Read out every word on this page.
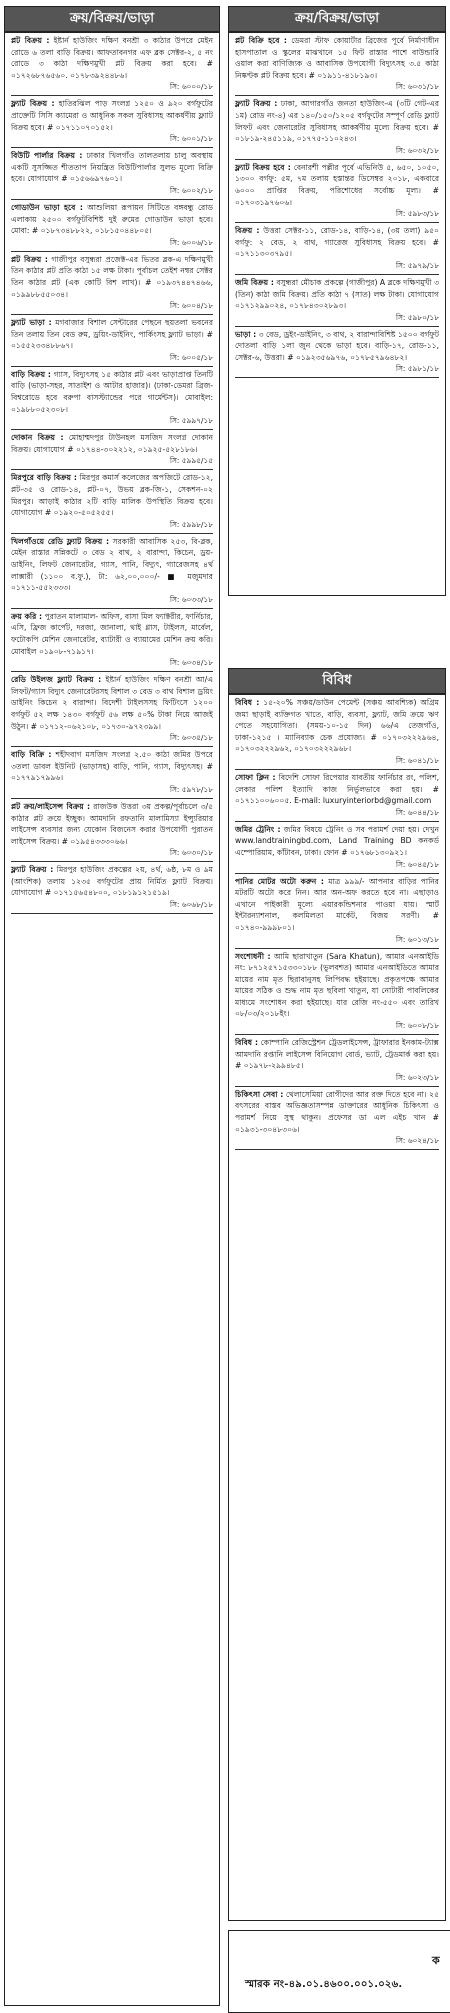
ক্রয়/বিক্রয়/ভাড়া
প্লট বিক্রয় : ইষ্টার্ন হাউজিং দক্ষিণ বনশ্রী ৩ কাঠার উপরে মেইন রোডে ৬ তলা বাড়ি বিক্রয়। আফতাবনগর এফ ব্লক সেক্টর-২, ৫ নং রোডে ৩ কাঠা দক্ষিণমুখী প্লট বিক্রয় করা হবে। # ০১৭২৬৮৭৬৫৬০. ০১৭৮৩৯২৪৪৮৬।
সি: ৬০০০/১৮
ফ্ল্যাট বিক্রয় : হাতিরঝিল পাড় সংলগ্ন ১২৫০ ও ৯২০ বর্গফুটের প্রাক্তেটি সিসি ক্যামেরা ও আধুনিক সকল সুবিধাসহ আকর্ষণীয় ফ্ল্যাট বিক্রয় হবে। # ০১৭১১০৭০১৫২।
সি: ৬০০১/১৮
বিউটি পার্লার বিক্রয় : ঢাকার খিলগাঁও তালতলায় চালু অবস্থায় একটি সুসজ্জিত শীততাপ নিয়ন্ত্রিত বিউটিপার্লার সুলভ মূল্যে বিক্রি হবে। যোগাযোগ # ০১৫৬৬৯৭৬০১।
সি: ৬০০২/১৮
গোডাউন ভাড়া হবে : আশুলিয়া রূপায়ন সিটিতে বঙ্গবন্ধু রোড এলাকায় ২৫০০ বর্গফুটবিশিষ্ট দুই রুমের গোডাউন ভাড়া হবে। মোবা: # ০১৮৭৩৪৮৮২২, ০১৮১৫০৪৪৮০৫।
সি: ৬০০৬/১৮
প্লট বিক্রয় : গাজীপুর বসুন্ধরা প্রজেক্ট-এর ভিতর ব্লক-এ দক্ষিণমুখী তিন কাঠার প্লট প্রতি কাঠা ১৫ লক্ষ টাকা। পূর্বাচল তেইশ নম্বর সেক্টর তিন কাঠার প্লট (এক কোটি বিশ লাখ)। # ০১৯৩৭৪৪৭৪৬৬, ০১৯৯৮৮৫৫০৩৪।
সি: ৬০০৪/১৮
ফ্ল্যাট ভাড়া : মগবাজার বিশাল সেন্টারের পেছনে ছয়তলা ভবনের তিন তলায় তিন বেড রুম, ড্রয়িং-ডাইনিং, পার্কিংসহ ফ্ল্যাট ভাড়া। # ০১৫৫২৩৩৪৮৮৬৭।
সি: ৬০০৫/১৮
বাড়ি বিক্রয় : গ্যাস, বিদ্যুৎসহ ১৫ কাঠার প্লট এবং ভাড়াপ্রাপ্ত তিনটি বাড়ি (ভাড়া-সহর, সাতাইশ ও আটার হাজার)। (ঢাকা-ডেমরা ব্রিজ-বিশ্বরোডে হবে বরুপা বাসস্ট্যান্ডের পরে গার্মেন্টস)। মোবাইল: ০১৯৮৮০৫২৩০৮।
সি: ৫৯৯৭/১৮
দোকান বিক্রয় : মোহাম্মদপুর টাউনহল মসজিদ সংলগ্ন দোকান বিক্রয়। যোগাযোগ # ০১৭৪৪-৩০২২১২, ০১৯২৫-৫২৮১৮৬।
সি: ৫৯৯৫/১৫
মিরপুরে বাড়ি বিক্রয় : মিরপুর কমার্স কলেজের অপজিটে রোড-১২, প্লট-৩৫ ও রোড-১৪, প্লট-০৭, উভয় ব্লক-জি-১, সেকশন-০২ মিরপুর। আড়াই কাঠার ২টি বাড়ি মালিক উপস্থিতি বিক্রয় হবে। যোগাযোগ # ০১৯২০-৫০৫২৫৫।
সি: ৫৯৯৮/১৮
খিলগাঁওয়ে রেডি ফ্ল্যাট বিক্রয় : সরকারী আবাসিক ২৫৩, বি-ব্লক, মেইন রাস্তার সন্নিকটে ৩ বেড ২ বাথ, ২ বারান্দা, কিচেন, ড্রয়-ডাইনিং, লিফট জেনারেটর, গ্যাস, পানি, বিদ্যুৎ, গ্যারেজসহ ৪র্থ লাক্সারী (১১০০ ব.ফু.), টা: ৬২,০০,০০০/- ■ মজুমদার ০১৭১১-৫৫২৩৩৩।
সি: ৬০৩৩/১৮
ক্রয় করি : পুরাতন মালামাল- অফিস, বাসা মিল ফ্যাক্টরীর, ফার্নিচার, এসি, ফ্রিজ কার্পেট, দরজা, জানালা, থাই গ্লাস, টাইলস, মার্বেল, ফটোকপি মেশিন জেনারেটর, ব্যাটারী ও ব্যায়ামের মেশিন ক্রয় করি। মোবাইল ০১৯০৮-৭১৯১৭।
সি: ৬০৩৪/১৮
রেডি উইলজ ফ্ল্যাট বিক্রয় : ইষ্টার্ন হাউজিং দক্ষিণ বনশ্রী আ/এ লিফট/গ্যাস বিদ্যুৎ জেনারেটরসহ বিশাল ৩ বেড ৩ বাথ বিশাল ড্রয়িং ডাইনিং কিচেন ২ বারান্দা। বিদেশী টাইলসসহ ফিটিংসে ১২০০ বর্গফুট ৫২ লক্ষ ১৪৩০ বর্গফুট ৫৬ লক্ষ ৫০% টাকা নিয়ে আজই উঠুন। # ০১৭১২-০৬২১০৮, ০১৭৩০-৯৭২৩৯৯।
সি: ৬০৩৫/১৮
বাড়ি বিক্রি : শহীদবাগ মসজিদ সংলগ্ন ২.৫০ কাঠা জমির উপরে ৩তলা ডাবল ইউনিট (ভাড়াসহ) বাড়ি, পানি, গ্যাস, বিদ্যুৎসহ। # ০১৭৭৯১৭৯৯৬।
সি: ৫৯৭৮/১৮
প্লট ক্রয়/লাইসেন্স বিক্রয় : রাজউক উত্তরা ৩য় প্রকল্প/পূর্বাচলে ৩/৫ কাঠার প্লট ক্রয়ে ইচ্ছুক। আমদানি রফতানি মালামিস্যা ইন্স্যুরিয়ার লাইসেন্স ব্যবসার জন্য যেকোন বিজনেস করার উপযোগী পুরাতন লাইসেন্স বিক্রয়। # ০১৯৫৪৩৩৩০৬৬।
সি: ৬০৩০/১৮
ফ্ল্যাট বিক্রয় : মিরপুর হাউজিং প্রকল্পের ২য়, ৪র্থ, ৬ষ্ঠ, ৮ম ও ৯ম (আংশিক) তলায় ১২৩৫ বর্গফুটের প্রায় নির্মিত ফ্ল্যাট বিক্রয়। যোগাযোগ # ০১৭১৫৬৫৪৮০০, ০১৮১৯১২১৫১৯।
সি: ৬০৬৮/১৮
ক্রয়/বিক্রয়/ভাড়া
প্লট বিক্রি হবে : ডেমরা স্টাফ কোয়ার্টার ব্রিজের পূর্বে নির্মাণাধীন হাসপাতাল ও স্কুলের মাঝখানে ১৫ ফিট রাস্তার পাশে বাউন্ডারি ওয়াল করা বাণিজ্যিক ও আবাসিক উপযোগী বিদ্যুৎসহ ৩.৫ কাঠা নিষ্কণ্টক প্লট বিক্রয় হবে। # ০১৯১১-৪১৮১৯৩।
সি: ৬০৩১/১৮
ফ্ল্যাট বিক্রয় : ঢাকা, আগারগাঁও জনতা হাউজিং-এ (৩টি গেট-এর ১ম) রোড নং-৪) এর ১৪০/১৫০/১২০৫ বর্গফুটের সম্পূর্ণ রেডি ফ্ল্যাট লিফট এবং জেনারেটর সুবিধাসহ আকর্ষণীয় মূল্যে বিক্রয় হবে। # ০১৮১৯-২৪৫১১৯, ০১৭৭৫-১১০২৪৩।
সি: ৬০৩২/১৮
ফ্ল্যাট বিক্রয় হবে : বেনারশী পল্লীর পূর্বে এভিনিউ ৫, ৬৫০, ১০৫০, ১৩০০ বর্গফু: ৫ম, ৭ম তলায় হস্তান্তর ডিসেম্বর ২০১৮, একবারে ৬০০০ প্রাপ্তির বিক্রয়, পরিশোধের সর্বোচ্চ মূল্য। # ০১৭০৩১৯৭৬০৬।
সি: ৫৯৮৩/১৮
বিক্রয় : উত্তরা সেক্টর-১১, রোড-১৪, বাড়ি-১৪, (৩য় তলা) ৯৫০ বর্গফু: ২ বেড, ২ বাথ, গ্যারেজ সুবিধাসহ বিক্রয় হবে। # ০১৭১১৩০৩৭৯৫।
সি: ৫৯৭৯/১৮
জমি বিক্রয় : বসুন্ধরা মৌচাক প্রকল্পে (গাজীপুর) A ব্লকে দক্ষিণমুখী ৩ (তিন) কাঠা জমি বিক্রয়। প্রতি কাঠা ৭ (সাত) লক্ষ টাকা। যোগাযোগ ০১৭১২৯৯০২৪, ০১৭৮৪৩০২৮৯৩।
সি: ৫৯৮০/১৮
ভাড়া : ৩ বেড, ড্রইং-ডাইনিং, ৩ বাথ, ২ বারান্দাবিশিষ্ট ১৫০০ বর্গফুট দোতলা বাড়ি ১লা জুন থেকে ভাড়া হবে। বাড়ি-১৭, রোড-১১, সেক্টর-৬, উত্তরা। # ০১৯২৩৫৬৯৭৬, ০১৭৮৫৭৯৬৪৮২।
সি: ৫৯৮১/১৮
বিবিধ
বিবিধ : ১৫-২০% সঞ্চয়/ডাউন পেমেন্ট (সঞ্চয় আবশ্যিক) অগ্রিম জমা ছাড়াই ব্যক্তিগত খাতে, বাড়ি, ব্যবসা, ফ্ল্যাট, জমি ক্রয়ে ঋণ পেতে সহযোগিতা। (সময়-১০-১৫ দিন) ৬৬/এ তেজগাঁও, ঢাকা-১২১৫ । ম্যানিব্যাক চেক প্রযোজ্য। # ০১৭০৩২২২৯৬৪, ০১৭০৩২২২৯৬২, ০১৭০৩২২২৯৬৮।
সি: ৬০৪১/১৮
সোফা ক্লিন : বিদেশি সোফা রিপেয়ার যাবতীয় ফার্নিচার রং, পলিশ, লেকার পলিশ ইত্যাদি কাজ নির্ভুলভাবে করা হয়। # ০১৭১১০০৬০০৫. E-mail: luxuryinteriorbd@gmail.com
সি: ৬০৪৪/১৮
জমির ট্রেনিং : জমির বিষয়ে ট্রেনিং ও সব পরামর্শ দেয়া হয়। দেখুন www.landtrainingbd.com, Land Training BD কনকর্ড এম্পোরিয়াম, কাঁটাবন, ঢাকা। ফোন # ০১৭৬৮১৩০৯২১।
সি: ৬০৪৫/১৮
পানির মোটর অটো করুন : মাত্র ৯৯৯/- আপনার বাড়ির পানির মটরটি অটো করে নিন। আর অন-অফ করতে হবে না। এছাড়াও এখানে পাইকারী মূল্যে এয়ারকন্ডিশনার পাওয়া যায়। স্মার্ট ইন্টারন্যাশনাল, কলমিলতা মার্কেট, বিজয় সরণী। # ০১৭৪০-৯৯৯৮০১।
সি: ৬০১৩/১৮
সংশোধনী : আমি ছারাখাতুন (Sara Khatun), আমার এনআইডি নং: ৮৭১২৫৭১৫৩৩০১৮৮ (ভুলবশত) আমার এনআইডিতে আমার মায়ের নাম মৃত ছিরাবানুসহ লিপিবদ্ধ হইয়াছে। প্রকৃতপক্ষে আমার মায়ের সঠিক ও শুদ্ধ নাম মৃত ছবিলা খাতুন, যা নোটারী পাবলিকের মাধ্যমে সংশোধন করা হইয়াছে। যার রেজি নং-৫৫০ এবং তারিখ ০৮/০৩/২০১৮ইং।
সি: ৬০০৮/১৮
বিবিধ : কোম্পানি রেজিস্ট্রেশন ট্রেডলাইসেন্স, ট্রাফারার ইনকাম-ট্যাক্স আমদানি রপ্তানি লাইসেন্স বিনিয়োগ বোর্ড, ভ্যাট, ট্রেডমার্ক করা হয়। # ০১৯৭৮-২৯৯৪৮৫।
সি: ৬০২৩/১৮
চিকিৎসা সেবা : থেলাসেমিয়া রোগীদের আর রক্ত দিতে হবে না। ২৫ বৎসরের বাস্তব অভিজ্ঞতাসম্পন্ন ডাক্তারের আধুনিক চিকিৎসা ও পরামর্শ নিয়ে সুস্থ থাকুন। প্রফেসর ডা এল এইচ খান # ০১৯৩১-৩০৪৮৩০৬।
সি: ৬০২৪/১৮
ক
স্মারক নং-৪৯.০১.৪৬০০.০০১.০২৬.
